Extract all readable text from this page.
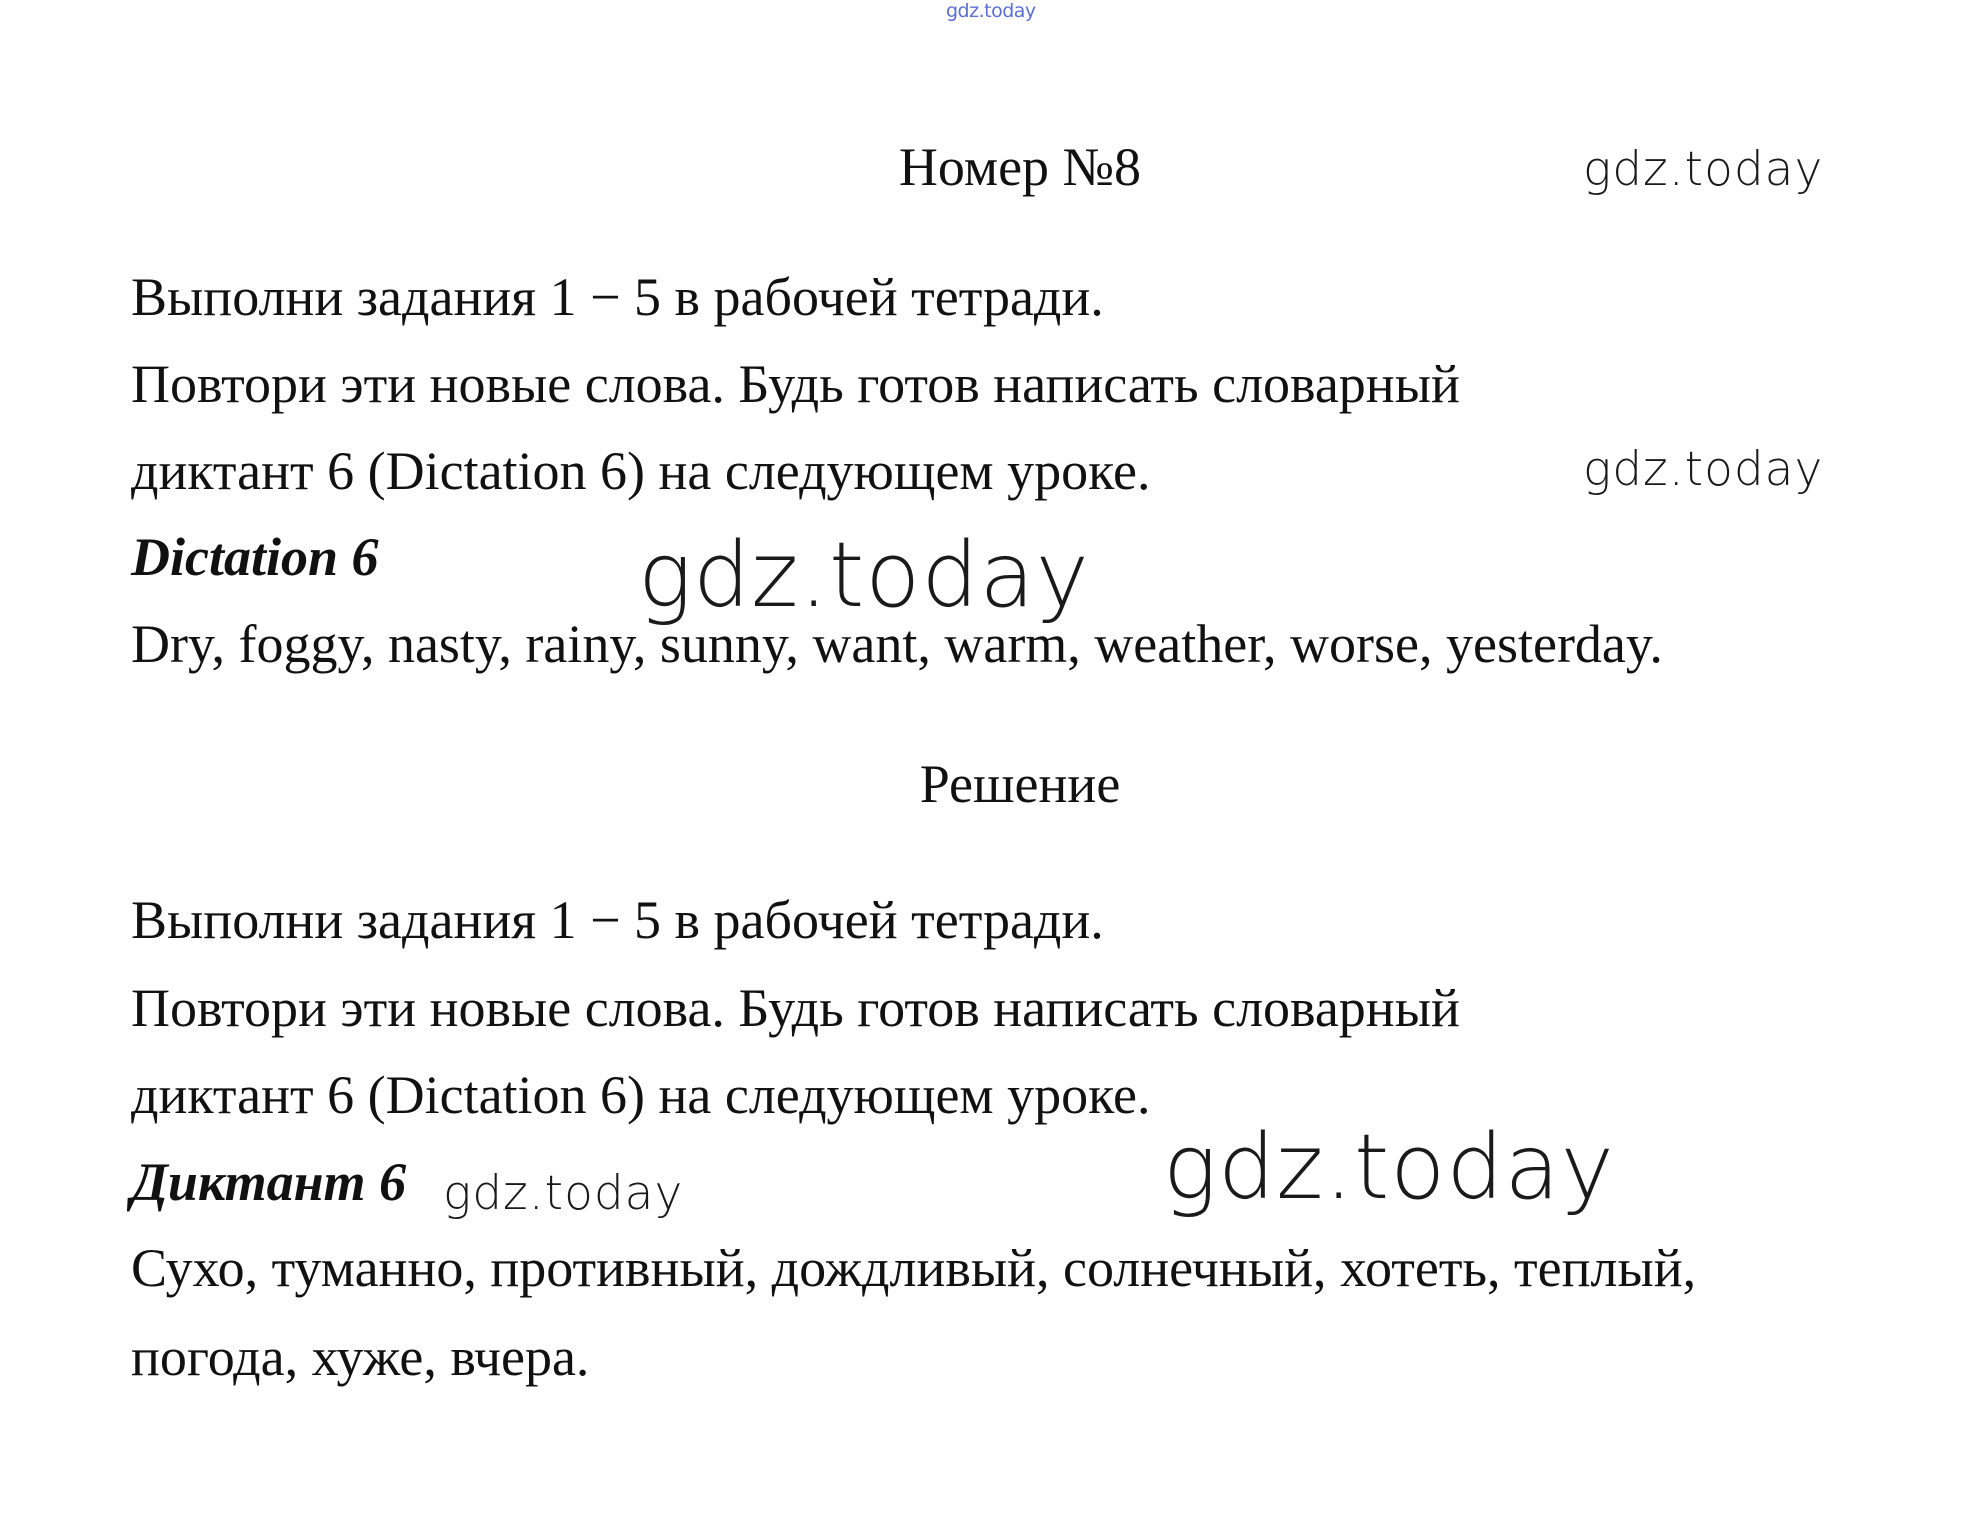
gdz.today
Номер №8	gdz.today
Выполни задания 1 − 5 в рабочей тетради.
Повтори эти новые слова. Будь готов написать словарный
диктант 6 (Dictation 6) на следующем уроке.	gdz.today
Dictation 6	gdz.today
Dry, foggy, nasty, rainy, sunny, want, warm, weather, worse, yesterday.
Решение
Выполни задания 1 − 5 в рабочей тетради.
Повтори эти новые слова. Будь готов написать словарный
диктант 6 (Dictation 6) на следующем уроке.
gdz.today
Диктант 6 gdz.today
Сухо, туманно, противный, дождливый, солнечный, хотеть, теплый,
погода, хуже, вчера.
